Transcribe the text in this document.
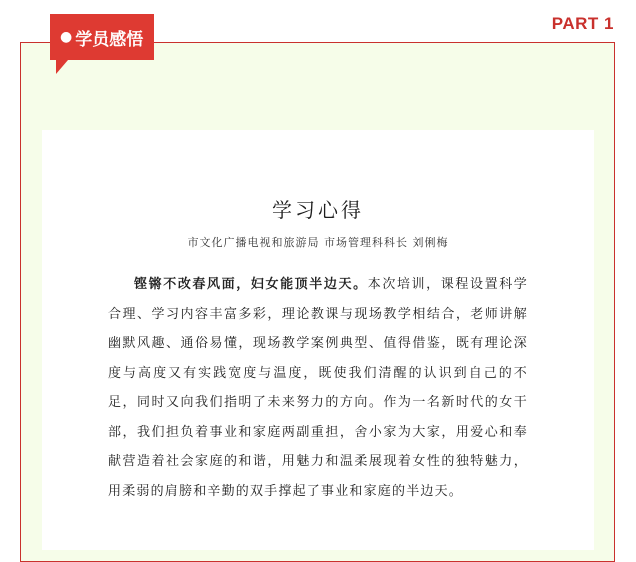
PART 1
● 学员感悟
学习心得
市文化广播电视和旅游局 市场管理科科长 刘俐梅

铿锵不改春风面，妇女能顶半边天。本次培训，课程设置科学合理、学习内容丰富多彩，理论教课与现场教学相结合，老师讲解幽默风趣、通俗易懂，现场教学案例典型、值得借鉴，既有理论深度与高度又有实践宽度与温度，既使我们清醒的认识到自己的不足，同时又向我们指明了未来努力的方向。作为一名新时代的女干部，我们担负着事业和家庭两副重担，舍小家为大家，用爱心和奉献营造着社会家庭的和谐，用魅力和温柔展现着女性的独特魅力，用柔弱的肩膀和辛勤的双手撑起了事业和家庭的半边天。
